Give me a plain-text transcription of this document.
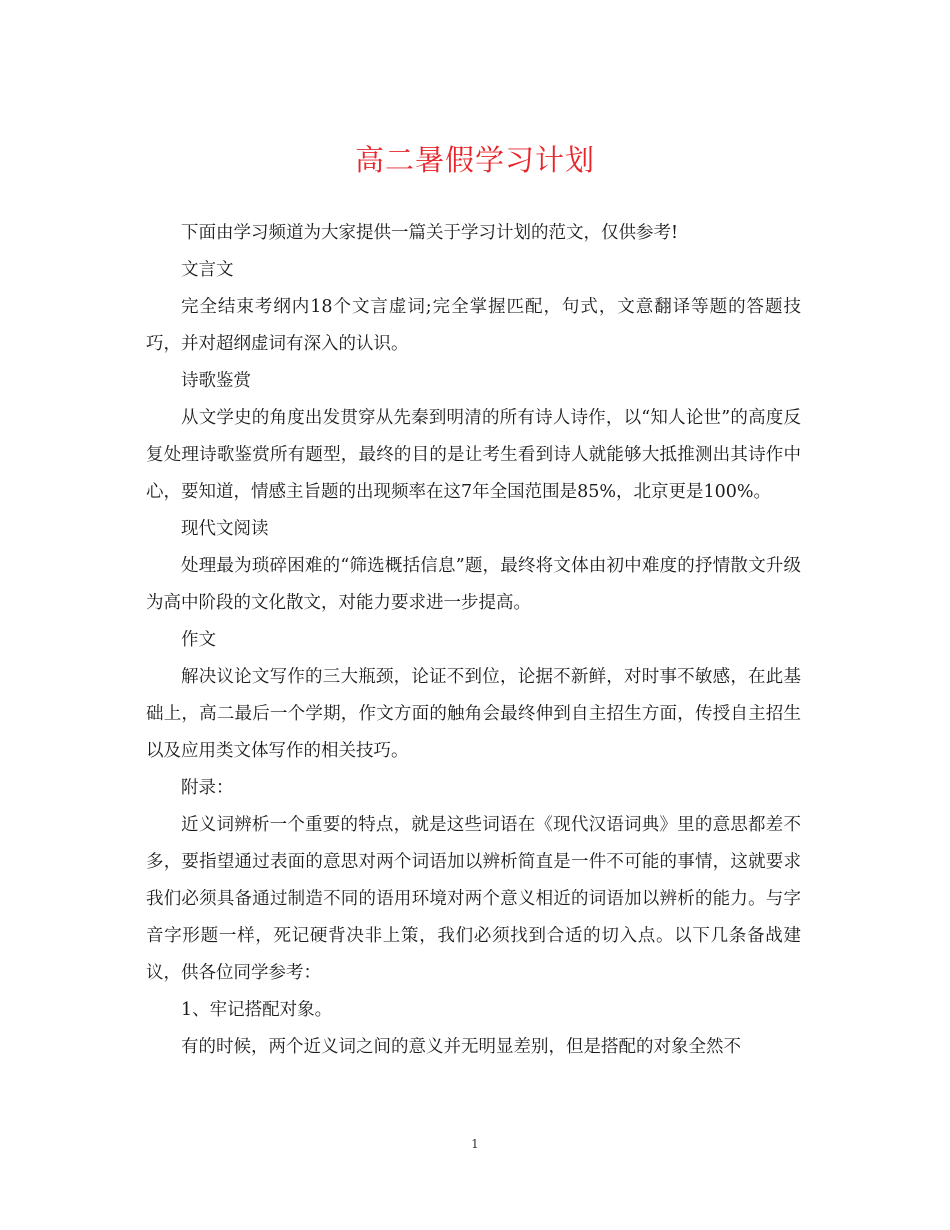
高二暑假学习计划

下面由学习频道为大家提供一篇关于学习计划的范文，仅供参考!

文言文

完全结束考纲内18个文言虚词;完全掌握匹配，句式，文意翻译等题的答题技巧，并对超纲虚词有深入的认识。

诗歌鉴赏

从文学史的角度出发贯穿从先秦到明清的所有诗人诗作，以“知人论世”的高度反复处理诗歌鉴赏所有题型，最终的目的是让考生看到诗人就能够大抵推测出其诗作中心，要知道，情感主旨题的出现频率在这7年全国范围是85%，北京更是100%。

现代文阅读

处理最为琐碎困难的“筛选概括信息”题，最终将文体由初中难度的抒情散文升级为高中阶段的文化散文，对能力要求进一步提高。

作文

解决议论文写作的三大瓶颈，论证不到位，论据不新鲜，对时事不敏感，在此基础上，高二最后一个学期，作文方面的触角会最终伸到自主招生方面，传授自主招生以及应用类文体写作的相关技巧。

附录：

近义词辨析一个重要的特点，就是这些词语在《现代汉语词典》里的意思都差不多，要指望通过表面的意思对两个词语加以辨析简直是一件不可能的事情，这就要求我们必须具备通过制造不同的语用环境对两个意义相近的词语加以辨析的能力。与字音字形题一样，死记硬背决非上策，我们必须找到合适的切入点。以下几条备战建议，供各位同学参考：

1、牢记搭配对象。

有的时候，两个近义词之间的意义并无明显差别，但是搭配的对象全然不

1
